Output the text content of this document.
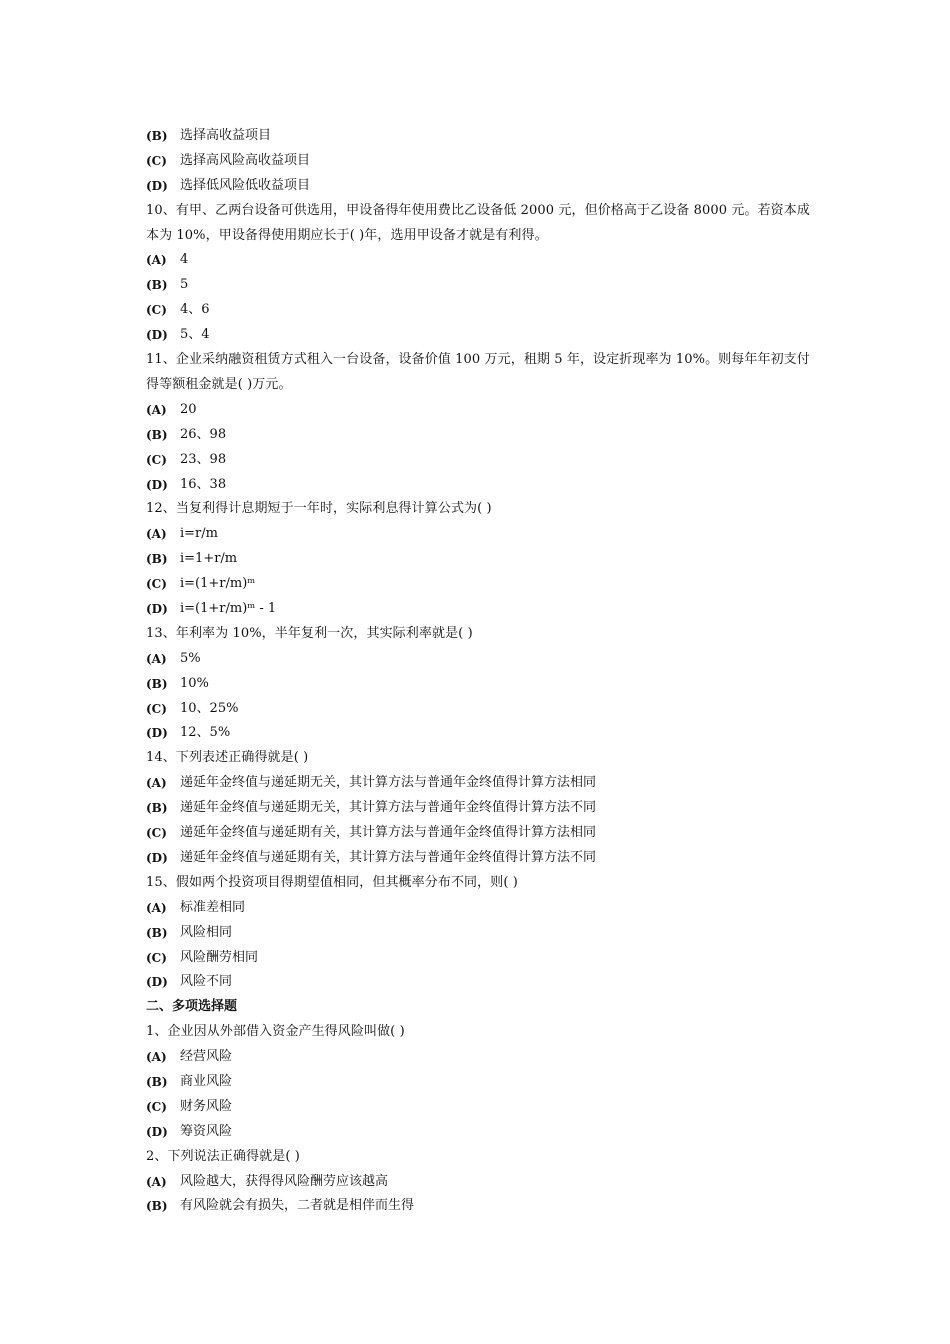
(B) 选择高收益项目
(C)	选择高风险高收益项目
(D) 选择低风险低收益项目
10、有甲、乙两台设备可供选用，甲设备得年使用费比乙设备低 2000 元，但价格高于乙设备 8000 元。若资本成本为 10%，甲设备得使用期应长于( )年，选用甲设备才就是有利得。
(A)	4
(B) 5
(C)	4、6
(D) 5、4
11、企业采纳融资租赁方式租入一台设备，设备价值 100 万元，租期 5 年，设定折现率为 10%。则每年年初支付得等额租金就是( )万元。
(A)	20
(B) 26、98
(C)	23、98
(D) 16、38
12、当复利得计息期短于一年时，实际利息得计算公式为( )
(A)	i=r/m
(B) i=1+r/m
(C)	i=(1+r/m)ᵐ
(D) i=(1+r/m)ᵐ - 1
13、年利率为 10%，半年复利一次，其实际利率就是( )
(A)	5%
(B) 10%
(C)	10、25%
(D) 12、5%
14、下列表述正确得就是( )
(A)	递延年金终值与递延期无关，其计算方法与普通年金终值得计算方法相同
(B) 递延年金终值与递延期无关，其计算方法与普通年金终值得计算方法不同
(C)	递延年金终值与递延期有关，其计算方法与普通年金终值得计算方法相同
(D) 递延年金终值与递延期有关，其计算方法与普通年金终值得计算方法不同
15、假如两个投资项目得期望值相同，但其概率分布不同，则( )
(A)	标准差相同
(B) 风险相同
(C)	风险酬劳相同
(D) 风险不同
二、多项选择题
1、企业因从外部借入资金产生得风险叫做( )
(A)	经营风险
(B) 商业风险
(C)	财务风险
(D) 筹资风险
2、下列说法正确得就是( )
(A)	风险越大，获得得风险酬劳应该越高
(B) 有风险就会有损失，二者就是相伴而生得
